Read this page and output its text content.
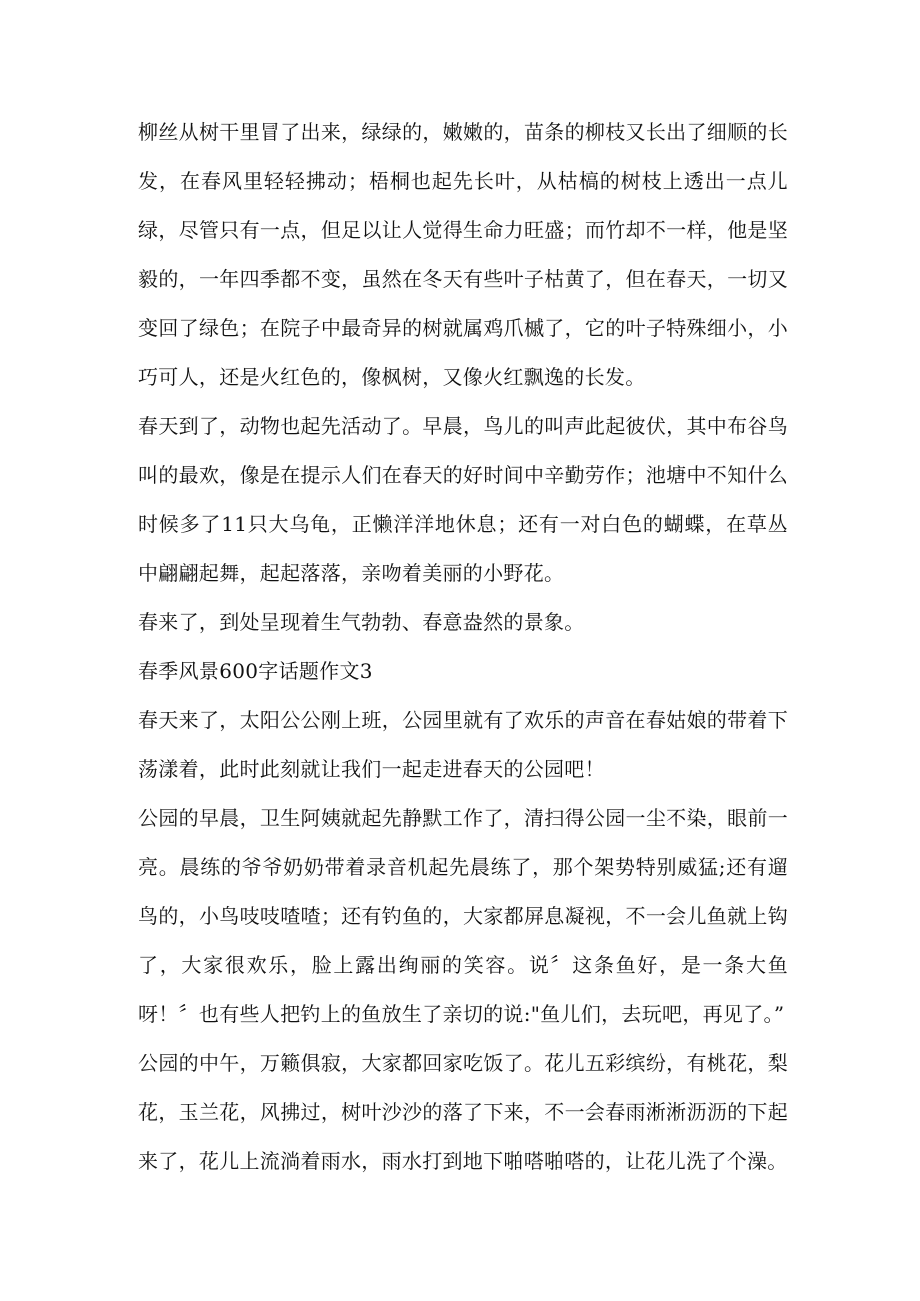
柳丝从树干里冒了出来，绿绿的，嫩嫩的，苗条的柳枝又长出了细顺的长发，在春风里轻轻拂动；梧桐也起先长叶，从枯槁的树枝上透出一点儿绿，尽管只有一点，但足以让人觉得生命力旺盛；而竹却不一样，他是坚毅的，一年四季都不变，虽然在冬天有些叶子枯黄了，但在春天，一切又变回了绿色；在院子中最奇异的树就属鸡爪槭了，它的叶子特殊细小，小巧可人，还是火红色的，像枫树，又像火红飘逸的长发。

春天到了，动物也起先活动了。早晨，鸟儿的叫声此起彼伏，其中布谷鸟叫的最欢，像是在提示人们在春天的好时间中辛勤劳作；池塘中不知什么时候多了11只大乌龟，正懒洋洋地休息；还有一对白色的蝴蝶，在草丛中翩翩起舞，起起落落，亲吻着美丽的小野花。

春来了，到处呈现着生气勃勃、春意盎然的景象。

春季风景600字话题作文3

春天来了，太阳公公刚上班，公园里就有了欢乐的声音在春姑娘的带着下荡漾着，此时此刻就让我们一起走进春天的公园吧！

公园的早晨，卫生阿姨就起先静默工作了，清扫得公园一尘不染，眼前一亮。晨练的爷爷奶奶带着录音机起先晨练了，那个架势特别威猛;还有遛鸟的，小鸟吱吱喳喳；还有钓鱼的，大家都屏息凝视，不一会儿鱼就上钩了，大家很欢乐，脸上露出绚丽的笑容。说〞这条鱼好，是一条大鱼呀！〞也有些人把钓上的鱼放生了亲切的说:"鱼儿们，去玩吧，再见了。”

公园的中午，万籁俱寂，大家都回家吃饭了。花儿五彩缤纷，有桃花，梨花，玉兰花，风拂过，树叶沙沙的落了下来，不一会春雨淅淅沥沥的下起来了，花儿上流淌着雨水，雨水打到地下啪嗒啪嗒的，让花儿洗了个澡。
